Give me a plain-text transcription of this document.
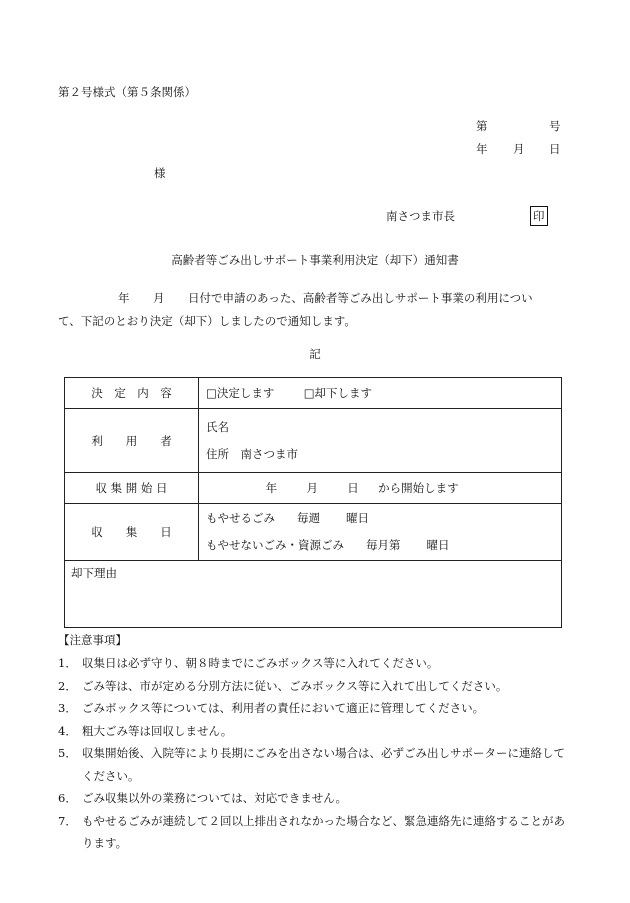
第２号様式（第５条関係）
第	号
年 月 日
様
南さつま市長	印
高齢者等ごみ出しサポート事業利用決定（却下）通知書
年 月 日付で申請のあった、高齢者等ごみ出しサポート事業の利用につい
て、下記のとおり決定（却下）しましたので通知します。
記
決　定　内　容	□決定します □却下します
利　　用　　者	氏名
住所　南さつま市

収 集 開 始 日	年 月 日 から開始します
収　　集　　日	もやせるごみ 毎週 曜日
もやせないごみ・資源ごみ 毎月第 曜日

却下理由	
【注意事項】
1． 収集日は必ず守り、朝８時までにごみボックス等に入れてください。
2． ごみ等は、市が定める分別方法に従い、ごみボックス等に入れて出してください。
3． ごみボックス等については、利用者の責任において適正に管理してください。
4． 粗大ごみ等は回収しません。
5． 収集開始後、入院等により長期にごみを出さない場合は、必ずごみ出しサポーターに連絡してください。
6． ごみ収集以外の業務については、対応できません。
7． もやせるごみが連続して２回以上排出されなかった場合など、緊急連絡先に連絡することがあります。
